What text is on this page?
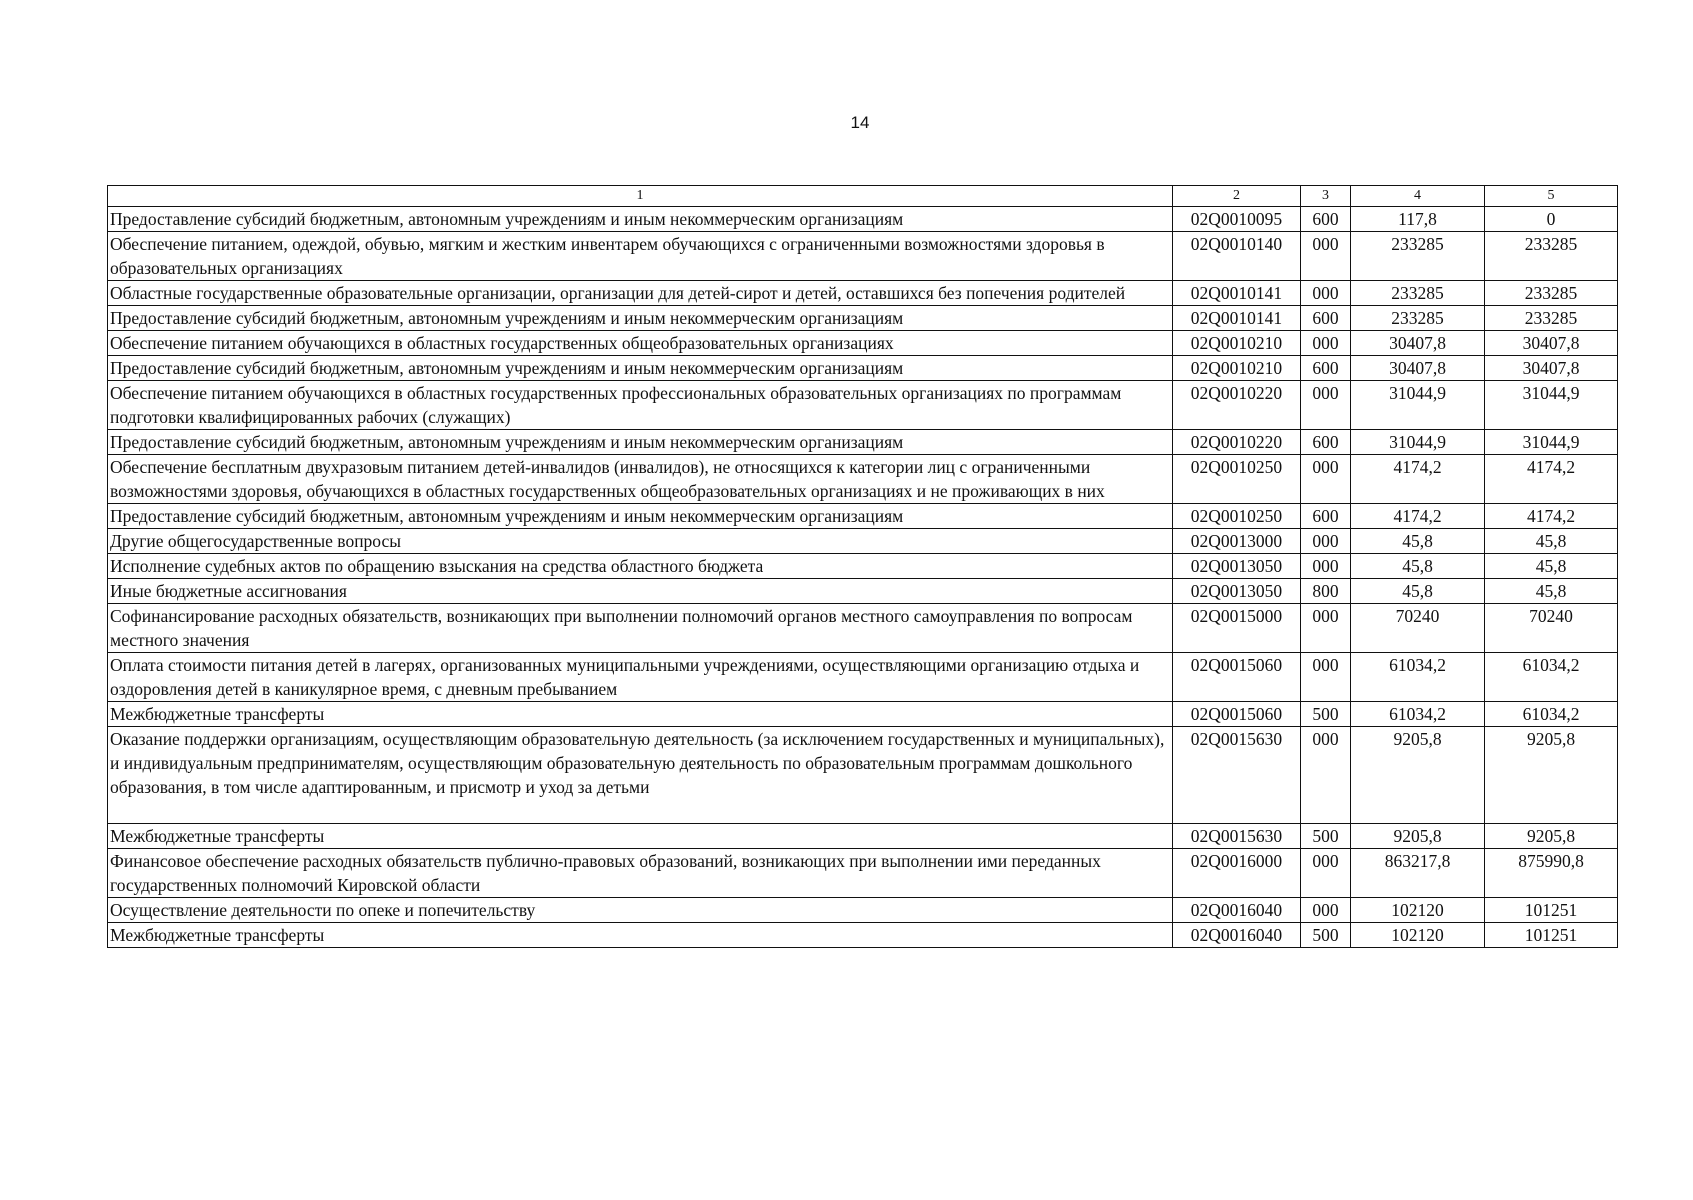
14
1	2	3	4	5
Предоставление субсидий бюджетным, автономным учреждениям и иным некоммерческим организациям	02Q0010095	600	117,8	0
Обеспечение питанием, одеждой, обувью, мягким и жестким инвентарем обучающихся с ограниченными возможностями здоровья в образовательных организациях	02Q0010140	000	233285	233285
Областные государственные образовательные организации, организации для детей-сирот и детей, оставшихся без попечения родителей	02Q0010141	000	233285	233285
Предоставление субсидий бюджетным, автономным учреждениям и иным некоммерческим организациям	02Q0010141	600	233285	233285
Обеспечение питанием обучающихся в областных государственных общеобразовательных организациях	02Q0010210	000	30407,8	30407,8
Предоставление субсидий бюджетным, автономным учреждениям и иным некоммерческим организациям	02Q0010210	600	30407,8	30407,8
Обеспечение питанием обучающихся в областных государственных профессиональных образовательных организациях по программам подготовки квалифицированных рабочих (служащих)	02Q0010220	000	31044,9	31044,9
Предоставление субсидий бюджетным, автономным учреждениям и иным некоммерческим организациям	02Q0010220	600	31044,9	31044,9
Обеспечение бесплатным двухразовым питанием детей-инвалидов (инвалидов), не относящихся к категории лиц с ограниченными возможностями здоровья, обучающихся в областных государственных общеобразовательных организациях и не проживающих в них	02Q0010250	000	4174,2	4174,2
Предоставление субсидий бюджетным, автономным учреждениям и иным некоммерческим организациям	02Q0010250	600	4174,2	4174,2
Другие общегосударственные вопросы	02Q0013000	000	45,8	45,8
Исполнение судебных актов по обращению взыскания на средства областного бюджета	02Q0013050	000	45,8	45,8
Иные бюджетные ассигнования	02Q0013050	800	45,8	45,8
Софинансирование расходных обязательств, возникающих при выполнении полномочий органов местного самоуправления по вопросам местного значения	02Q0015000	000	70240	70240
Оплата стоимости питания детей в лагерях, организованных муниципальными учреждениями, осуществляющими организацию отдыха и оздоровления детей в каникулярное время, с дневным пребыванием	02Q0015060	000	61034,2	61034,2
Межбюджетные трансферты	02Q0015060	500	61034,2	61034,2
Оказание поддержки организациям, осуществляющим образовательную деятельность (за исключением государственных и муниципальных), и индивидуальным предпринимателям, осуществляющим образовательную деятельность по образовательным программам дошкольного образования, в том числе адаптированным, и присмотр и уход за детьми	02Q0015630	000	9205,8	9205,8
Межбюджетные трансферты	02Q0015630	500	9205,8	9205,8
Финансовое обеспечение расходных обязательств публично-правовых образований, возникающих при выполнении ими переданных государственных полномочий Кировской области	02Q0016000	000	863217,8	875990,8
Осуществление деятельности по опеке и попечительству	02Q0016040	000	102120	101251
Межбюджетные трансферты	02Q0016040	500	102120	101251
